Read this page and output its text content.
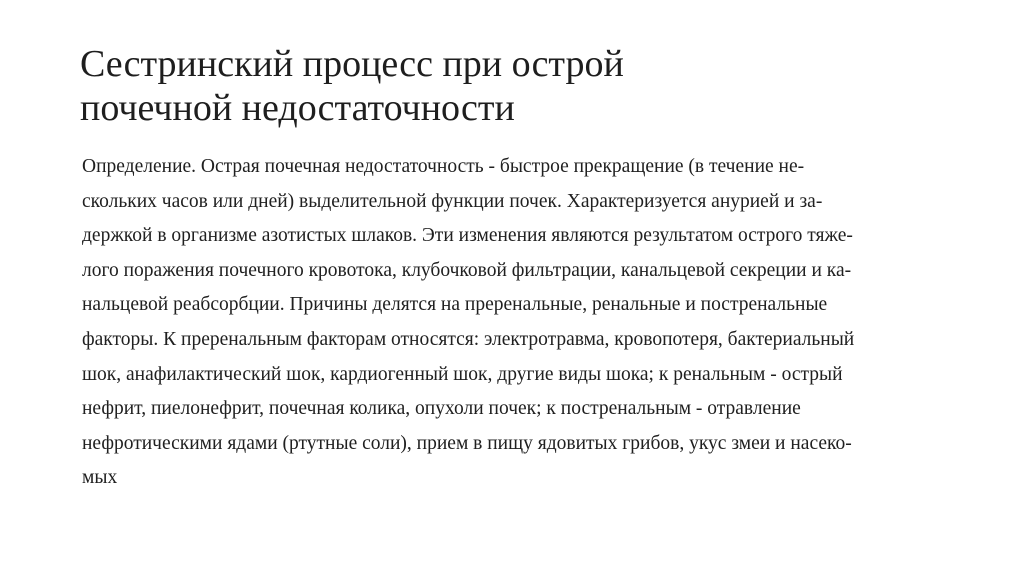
Сестринский процесс при острой
почечной недостаточности
Определение. Острая почечная недостаточность - быстрое прекращение (в течение не-
скольких часов или дней) выделительной функции почек. Характеризуется анурией и за-
держкой в организме азотистых шлаков. Эти изменения являются результатом острого тяже-
лого поражения почечного кровотока, клубочковой фильтрации, канальцевой секреции и ка-
нальцевой реабсорбции. Причины делятся на преренальные, ренальные и постренальные
факторы. К преренальным факторам относятся: электротравма, кровопотеря, бактериальный
шок, анафилактический шок, кардиогенный шок, другие виды шока; к ренальным - острый
нефрит, пиелонефрит, почечная колика, опухоли почек; к постренальным - отравление
нефротическими ядами (ртутные соли), прием в пищу ядовитых грибов, укус змеи и насеко-
мых
